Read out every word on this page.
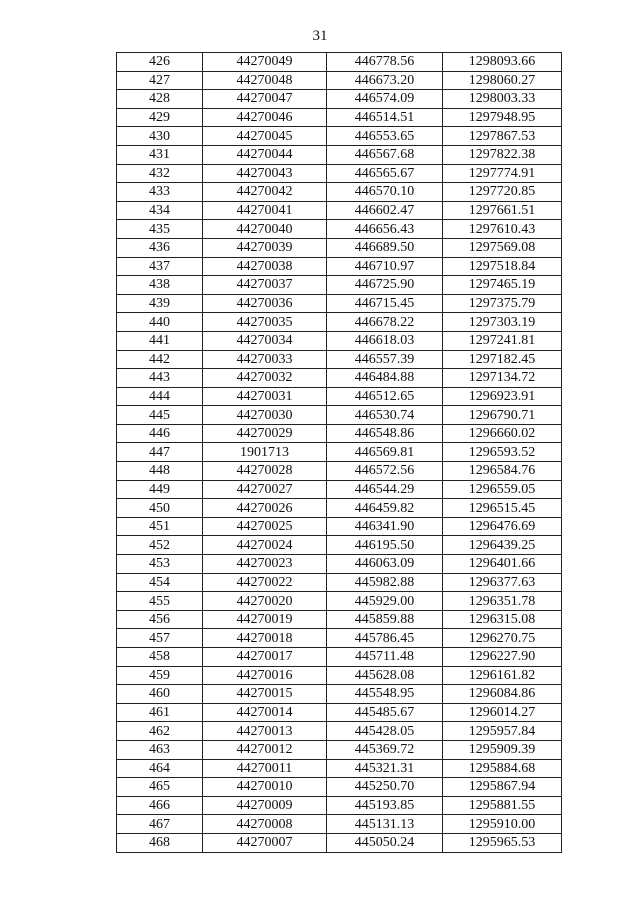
31
426	44270049	446778.56	1298093.66
427	44270048	446673.20	1298060.27
428	44270047	446574.09	1298003.33
429	44270046	446514.51	1297948.95
430	44270045	446553.65	1297867.53
431	44270044	446567.68	1297822.38
432	44270043	446565.67	1297774.91
433	44270042	446570.10	1297720.85
434	44270041	446602.47	1297661.51
435	44270040	446656.43	1297610.43
436	44270039	446689.50	1297569.08
437	44270038	446710.97	1297518.84
438	44270037	446725.90	1297465.19
439	44270036	446715.45	1297375.79
440	44270035	446678.22	1297303.19
441	44270034	446618.03	1297241.81
442	44270033	446557.39	1297182.45
443	44270032	446484.88	1297134.72
444	44270031	446512.65	1296923.91
445	44270030	446530.74	1296790.71
446	44270029	446548.86	1296660.02
447	1901713	446569.81	1296593.52
448	44270028	446572.56	1296584.76
449	44270027	446544.29	1296559.05
450	44270026	446459.82	1296515.45
451	44270025	446341.90	1296476.69
452	44270024	446195.50	1296439.25
453	44270023	446063.09	1296401.66
454	44270022	445982.88	1296377.63
455	44270020	445929.00	1296351.78
456	44270019	445859.88	1296315.08
457	44270018	445786.45	1296270.75
458	44270017	445711.48	1296227.90
459	44270016	445628.08	1296161.82
460	44270015	445548.95	1296084.86
461	44270014	445485.67	1296014.27
462	44270013	445428.05	1295957.84
463	44270012	445369.72	1295909.39
464	44270011	445321.31	1295884.68
465	44270010	445250.70	1295867.94
466	44270009	445193.85	1295881.55
467	44270008	445131.13	1295910.00
468	44270007	445050.24	1295965.53
